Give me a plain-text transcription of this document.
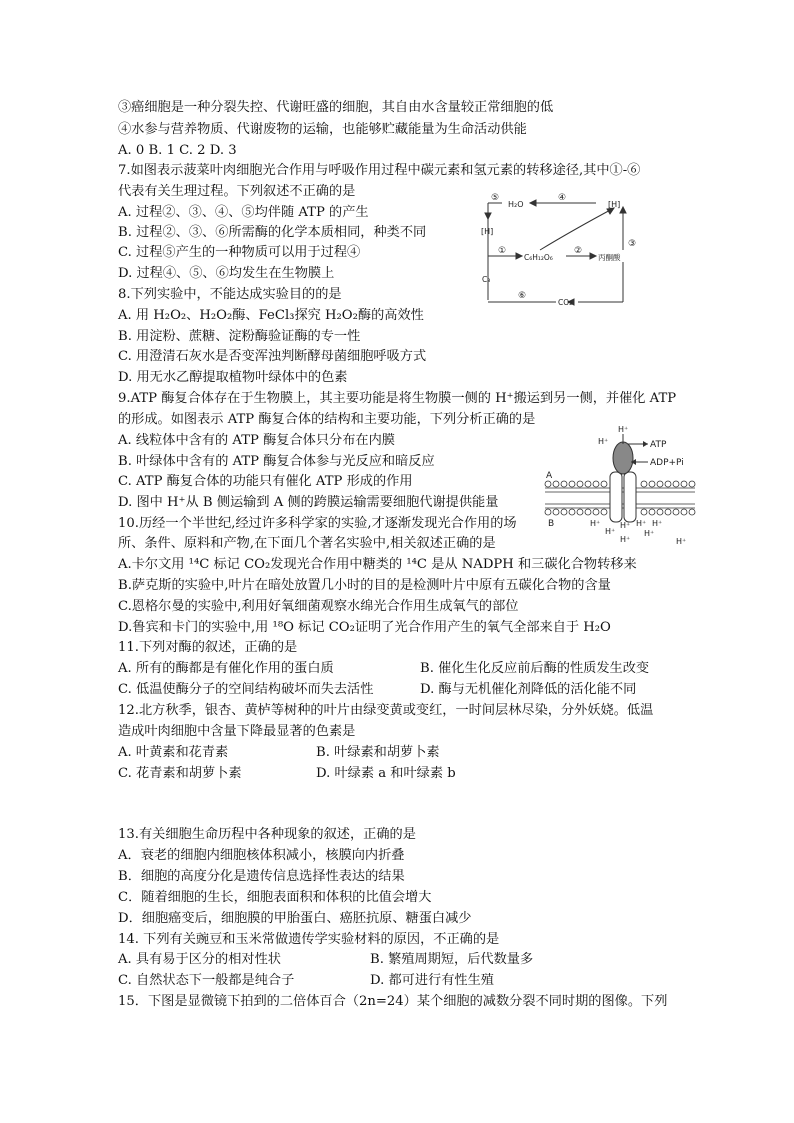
③癌细胞是一种分裂失控、代谢旺盛的细胞，其自由水含量较正常细胞的低
④水参与营养物质、代谢废物的运输，也能够贮藏能量为生命活动供能
A. 0 B. 1 C. 2 D. 3
7.如图表示菠菜叶肉细胞光合作用与呼吸作用过程中碳元素和氢元素的转移途径,其中①-⑥
代表有关生理过程。下列叙述不正确的是
A. 过程②、③、④、⑤均伴随 ATP 的产生
B. 过程②、③、⑥所需酶的化学本质相同，种类不同
C. 过程⑤产生的一种物质可以用于过程④
D. 过程④、⑤、⑥均发生在生物膜上
H₂O	[H]
[H]
C₆H₁₂O₆	丙酮酸
C₃
CO₂
①	②
③
④
⑤
⑥
8.下列实验中，不能达成实验目的的是
A. 用 H₂O₂、H₂O₂酶、FeCl₃探究 H₂O₂酶的高效性
B. 用淀粉、蔗糖、淀粉酶验证酶的专一性
C. 用澄清石灰水是否变浑浊判断酵母菌细胞呼吸方式
D. 用无水乙醇提取植物叶绿体中的色素
9.ATP 酶复合体存在于生物膜上，其主要功能是将生物膜一侧的 H⁺搬运到另一侧，并催化 ATP
的形成。如图表示 ATP 酶复合体的结构和主要功能，下列分析正确的是
A. 线粒体中含有的 ATP 酶复合体只分布在内膜
B. 叶绿体中含有的 ATP 酶复合体参与光反应和暗反应
C. ATP 酶复合体的功能只有催化 ATP 形成的作用
D. 图中 H⁺从 B 侧运输到 A 侧的跨膜运输需要细胞代谢提供能量
H⁺
H⁺	ATP
ADP+Pi
A
B	H⁺
H⁺
H⁺ H⁺ H⁺
H⁺
H⁺
H⁺
10.历经一个半世纪,经过许多科学家的实验,才逐渐发现光合作用的场
所、条件、原料和产物,在下面几个著名实验中,相关叙述正确的是
A.卡尔文用 ¹⁴C 标记 CO₂发现光合作用中糖类的 ¹⁴C 是从 NADPH 和三碳化合物转移来
B.萨克斯的实验中,叶片在暗处放置几小时的目的是检测叶片中原有五碳化合物的含量
C.恩格尔曼的实验中,利用好氧细菌观察水绵光合作用生成氧气的部位
D.鲁宾和卡门的实验中,用 ¹⁸O 标记 CO₂证明了光合作用产生的氧气全部来自于 H₂O
11.下列对酶的叙述，正确的是
A. 所有的酶都是有催化作用的蛋白质	B. 催化生化反应前后酶的性质发生改变
C. 低温使酶分子的空间结构破坏而失去活性	D. 酶与无机催化剂降低的活化能不同
12.北方秋季，银杏、黄栌等树种的叶片由绿变黄或变红，一时间层林尽染，分外妖娆。低温
造成叶肉细胞中含量下降最显著的色素是
A. 叶黄素和花青素	B. 叶绿素和胡萝卜素
C. 花青素和胡萝卜素	D. 叶绿素 a 和叶绿素 b
13.有关细胞生命历程中各种现象的叙述，正确的是
A．衰老的细胞内细胞核体积减小，核膜向内折叠
B．细胞的高度分化是遗传信息选择性表达的结果
C．随着细胞的生长，细胞表面积和体积的比值会增大
D．细胞癌变后，细胞膜的甲胎蛋白、癌胚抗原、糖蛋白减少
14. 下列有关豌豆和玉米常做遗传学实验材料的原因，不正确的是
A. 具有易于区分的相对性状	B. 繁殖周期短，后代数量多
C. 自然状态下一般都是纯合子	D. 都可进行有性生殖
15．下图是显微镜下拍到的二倍体百合（2n=24）某个细胞的减数分裂不同时期的图像。下列
